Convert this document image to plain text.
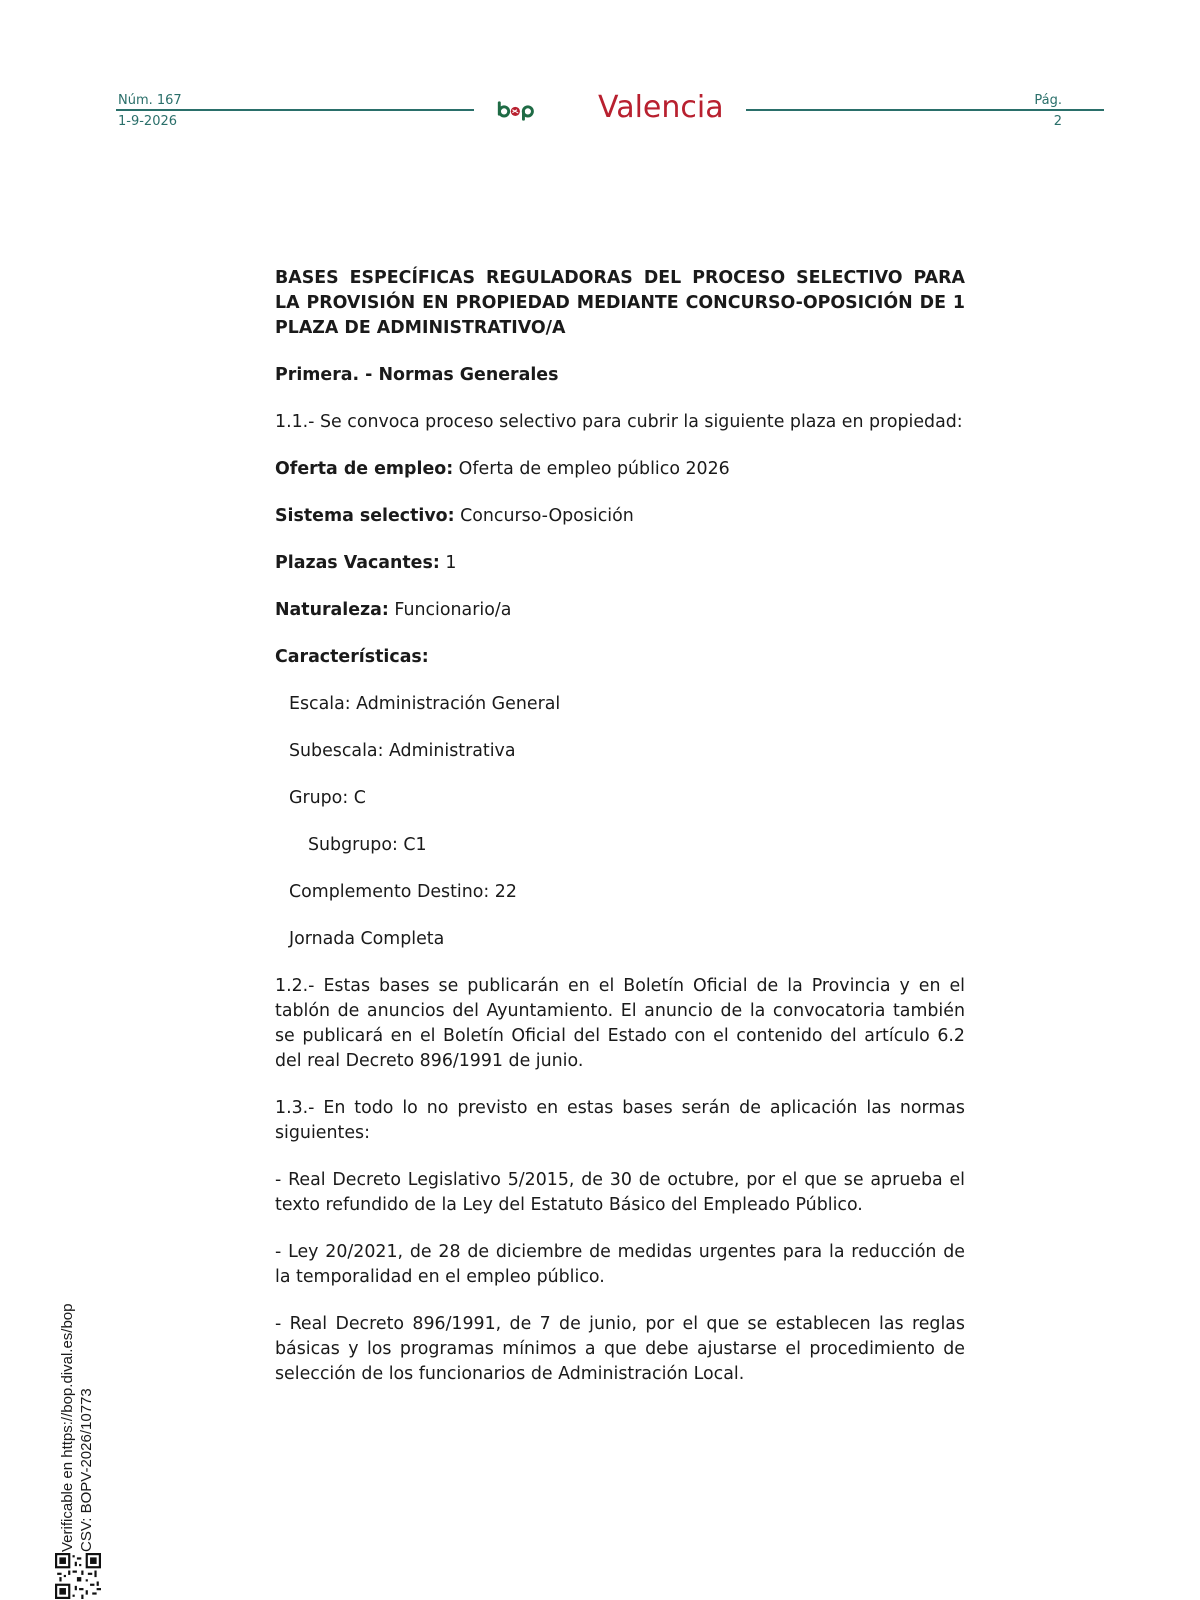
Núm. 167
1-9-2026
Pág.
2
Valencia

BASES ESPECÍFICAS REGULADORAS DEL PROCESO SELECTIVO PARA LA PROVISIÓN EN PROPIEDAD MEDIANTE CONCURSO-OPOSICIÓN DE 1 PLAZA DE ADMINISTRATIVO/A

Primera. - Normas Generales

1.1.- Se convoca proceso selectivo para cubrir la siguiente plaza en propiedad:

Oferta de empleo: Oferta de empleo público 2026

Sistema selectivo: Concurso-Oposición

Plazas Vacantes: 1

Naturaleza: Funcionario/a

Características:

Escala: Administración General

Subescala: Administrativa

Grupo: C

Subgrupo: C1

Complemento Destino: 22

Jornada Completa

1.2.- Estas bases se publicarán en el Boletín Oficial de la Provincia y en el tablón de anuncios del Ayuntamiento. El anuncio de la convocatoria también se publicará en el Boletín Oficial del Estado con el contenido del artículo 6.2 del real Decreto 896/1991 de junio.

1.3.- En todo lo no previsto en estas bases serán de aplicación las normas siguientes:

- Real Decreto Legislativo 5/2015, de 30 de octubre, por el que se aprueba el texto refundido de la Ley del Estatuto Básico del Empleado Público.

- Ley 20/2021, de 28 de diciembre de medidas urgentes para la reducción de la temporalidad en el empleo público.

- Real Decreto 896/1991, de 7 de junio, por el que se establecen las reglas básicas y los programas mínimos a que debe ajustarse el procedimiento de selección de los funcionarios de Administración Local.

Verificable en https://bop.dival.es/bop CSV: BOPV-2026/10773
